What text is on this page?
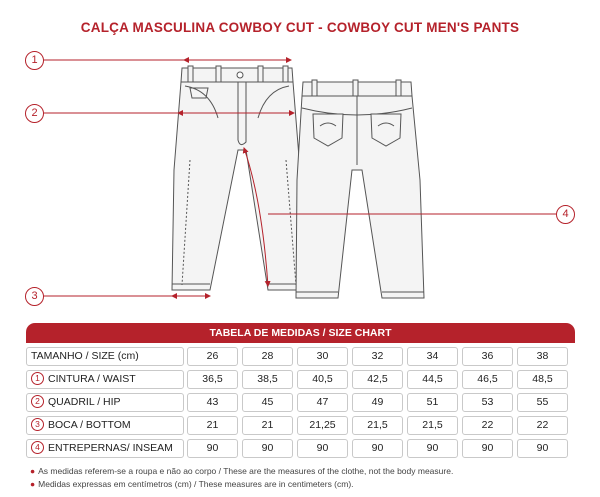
CALÇA MASCULINA COWBOY CUT - COWBOY CUT MEN'S PANTS
1
2
3
4
TABELA DE MEDIDAS / SIZE CHART
TAMANHO / SIZE (cm)	26	28	30	32	34	36	38
1 CINTURA / WAIST	36,5	38,5	40,5	42,5	44,5	46,5	48,5
2 QUADRIL / HIP	43	45	47	49	51	53	55
3 BOCA / BOTTOM	21	21	21,25	21,5	21,5	22	22
4 ENTREPERNAS/ INSEAM	90	90	90	90	90	90	90
● As medidas referem-se a roupa e não ao corpo / These are the measures of the clothe, not the body measure.
● Medidas expressas em centímetros (cm) / These measures are in centimeters (cm).
